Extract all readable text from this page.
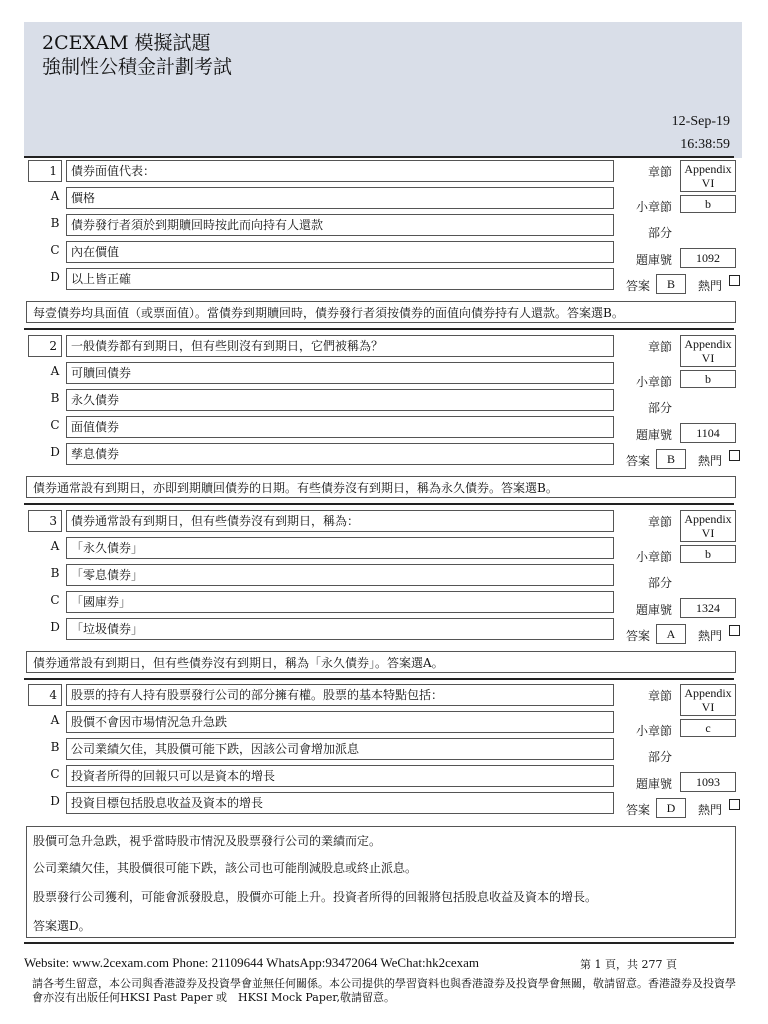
2CEXAM 模擬試題
強制性公積金計劃考試
12-Sep-19
16:38:59
1	債券面值代表：
A 價格
B 債券發行者須於到期贖回時按此而向持有人還款
C 內在價值
D 以上皆正確
章節 Appendix
VI
小章節	b
部分
題庫號	1092
答案	B	熱門
每壹債券均具面值（或票面值）。當債券到期贖回時，債券發行者須按債券的面值向債券持有人還款。答案選B。
2	一般債券都有到期日，但有些則沒有到期日，它們被稱為？
A 可贖回債券
B 永久債券
C 面值債券
D 孳息債券
章節 Appendix
VI
小章節	b
部分
題庫號	1104
答案	B	熱門
債券通常設有到期日，亦即到期贖回債券的日期。有些債券沒有到期日，稱為永久債券。答案選B。
3	債券通常設有到期日，但有些債券沒有到期日，稱為：
A 「永久債券」
B 「零息債券」
C 「國庫券」
D 「垃圾債券」
章節 Appendix
VI
小章節	b
部分
題庫號	1324
答案	A	熱門
債券通常設有到期日，但有些債券沒有到期日，稱為「永久債券」。答案選A。
4	股票的持有人持有股票發行公司的部分擁有權。股票的基本特點包括：
A 股價不會因市場情況急升急跌
B 公司業績欠佳，其股價可能下跌，因該公司會增加派息
C 投資者所得的回報只可以是資本的增長
D 投資目標包括股息收益及資本的增長
章節 Appendix
VI
小章節	c
部分
題庫號	1093
答案	D	熱門

股價可急升急跌，視乎當時股市情況及股票發行公司的業績而定。

公司業績欠佳，其股價很可能下跌，該公司也可能削減股息或終止派息。

股票發行公司獲利，可能會派發股息，股價亦可能上升。投資者所得的回報將包括股息收益及資本的增長。

答案選D。

Website: www.2cexam.com Phone: 21109644 WhatsApp:93472064 WeChat:hk2cexam	第 1 頁，共 277 頁
請各考生留意，本公司與香港證券及投資學會並無任何關係。本公司提供的學習資料也與香港證券及投資學會無關，敬請留意。香港證券及投資學會亦沒有出版任何HKSI Past Paper 或　HKSI Mock Paper,敬請留意。
